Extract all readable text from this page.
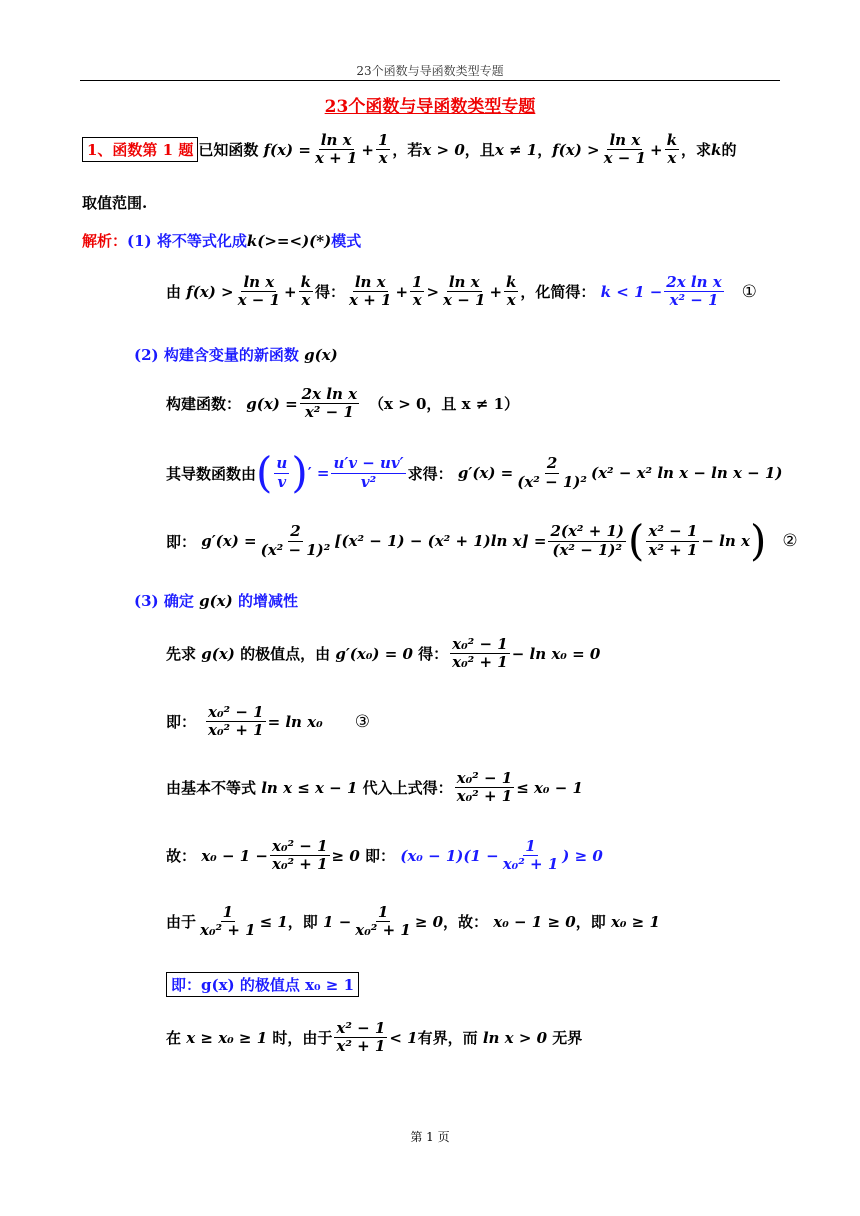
23个函数与导函数类型专题
23个函数与导函数类型专题
1、函数第 1 题 已知函数 $f(x) = \frac{\text{ln x}}{x + 1} + \frac{1}{x}$ ，若 x > 0 ，且 x ≠ 1 ， $f(x) > \frac{\text{ln x}}{x - 1} + \frac{k}{x}$ ，求 k 的
取值范围.
解析： (1) 将不等式化成 k(>=<)(*) 模式
由 $f(x) > \frac{\text{ln x}}{x - 1} + \frac{k}{x}$ 得： $\frac{\text{ln x}}{x + 1} + \frac{1}{x} > \frac{\text{ln x}}{x - 1} + \frac{k}{x}$ ，化简得： $k < 1 - \frac{\text{2x ln x}}{\text{x² − 1}}$ ①
(2) 构建含变量的新函数 g(x)
构建函数： $g(x) = \frac{\text{2x ln x}}{\text{x² − 1}} (x > 0$，且 x ≠ 1）
其导数函数由 ( $\frac{u}{v}$ ) ′ = $\frac{u'v - uv'}{\text{v²}}$ 求得： $g'(x) = \frac{2}{\text{(x² − 1)²}} (x^2 - x^2$ ln x − ln x − 1)
即： $g'(x) = \frac{2}{\text{(x² − 1)²}} [(x^2 - 1) - (x^2 + 1)\ln$ $x] = \frac{\text{2(x² + 1)}}{\text{(x² − 1)²}}$ ( $\frac{\text{x² − 1}}{\text{x² + 1}} - \ln x$ ) ②
(3) 确定 g(x) 的增减性
先求 g(x) 的极值点，由 g′(x₀) = 0 得： $\frac{\text{x₀² − 1}}{\text{x₀² + 1}} - \ln x_0 = 0$
即： $\frac{\text{x₀² − 1}}{\text{x₀² + 1}} = \ln x_0$ ③
由基本不等式 ln x ≤ x − 1 代入上式得： $\frac{\text{x₀² − 1}}{\text{x₀² + 1}} \le x_0 - 1$
故： $x_0 - 1 - \frac{\text{x₀² − 1}}{\text{x₀² + 1}} \ge 0$ 即： $(x_0 - 1)(1 - \frac{1}{\text{x₀² + 1}}$ ) ≥ 0
由于 $\frac{1}{\text{x₀² + 1}} \le 1$ ，即 $1 - \frac{1}{\text{x₀² + 1}} \ge 0$ ，故： x₀ − 1 ≥ 0 ，即 x₀ ≥ 1
即：g(x) 的极值点 x₀ ≥ 1
在 x ≥ x₀ ≥ 1 时，由于 $\frac{\text{x² − 1}}{\text{x² + 1}} < 1$ 有界，而 ln x > 0 无界
第 1 页
